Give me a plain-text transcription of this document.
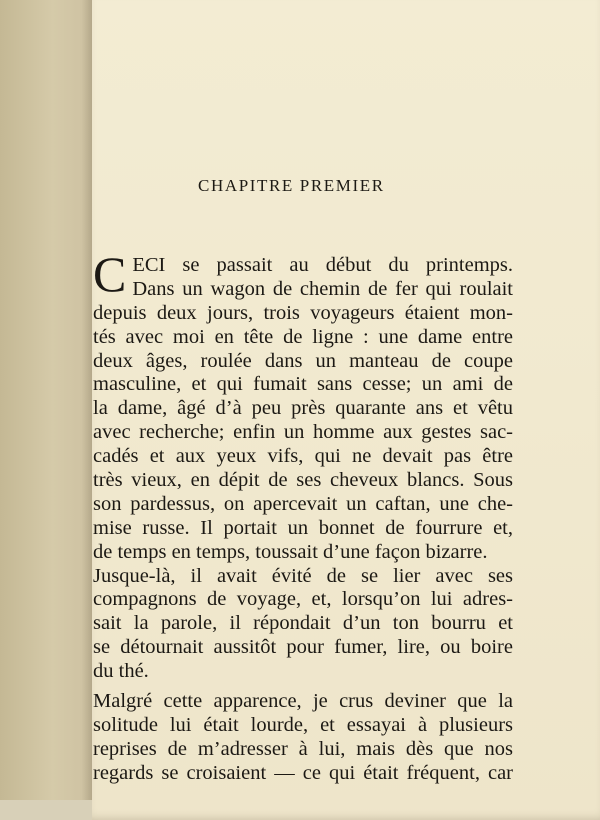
CHAPITRE PREMIER
C ECI se passait au début du printemps.
Dans un wagon de chemin de fer qui roulait
depuis deux jours, trois voyageurs étaient mon-
tés avec moi en tête de ligne : une dame entre
deux âges, roulée dans un manteau de coupe
masculine, et qui fumait sans cesse; un ami de
la dame, âgé d’à peu près quarante ans et vêtu
avec recherche; enfin un homme aux gestes sac-
cadés et aux yeux vifs, qui ne devait pas être
très vieux, en dépit de ses cheveux blancs. Sous
son pardessus, on apercevait un caftan, une che-
mise russe. Il portait un bonnet de fourrure et,
de temps en temps, toussait d’une façon bizarre.
Jusque-là, il avait évité de se lier avec ses
compagnons de voyage, et, lorsqu’on lui adres-
sait la parole, il répondait d’un ton bourru et
se détournait aussitôt pour fumer, lire, ou boire
du thé.
Malgré cette apparence, je crus deviner que la
solitude lui était lourde, et essayai à plusieurs
reprises de m’adresser à lui, mais dès que nos
regards se croisaient — ce qui était fréquent, car
